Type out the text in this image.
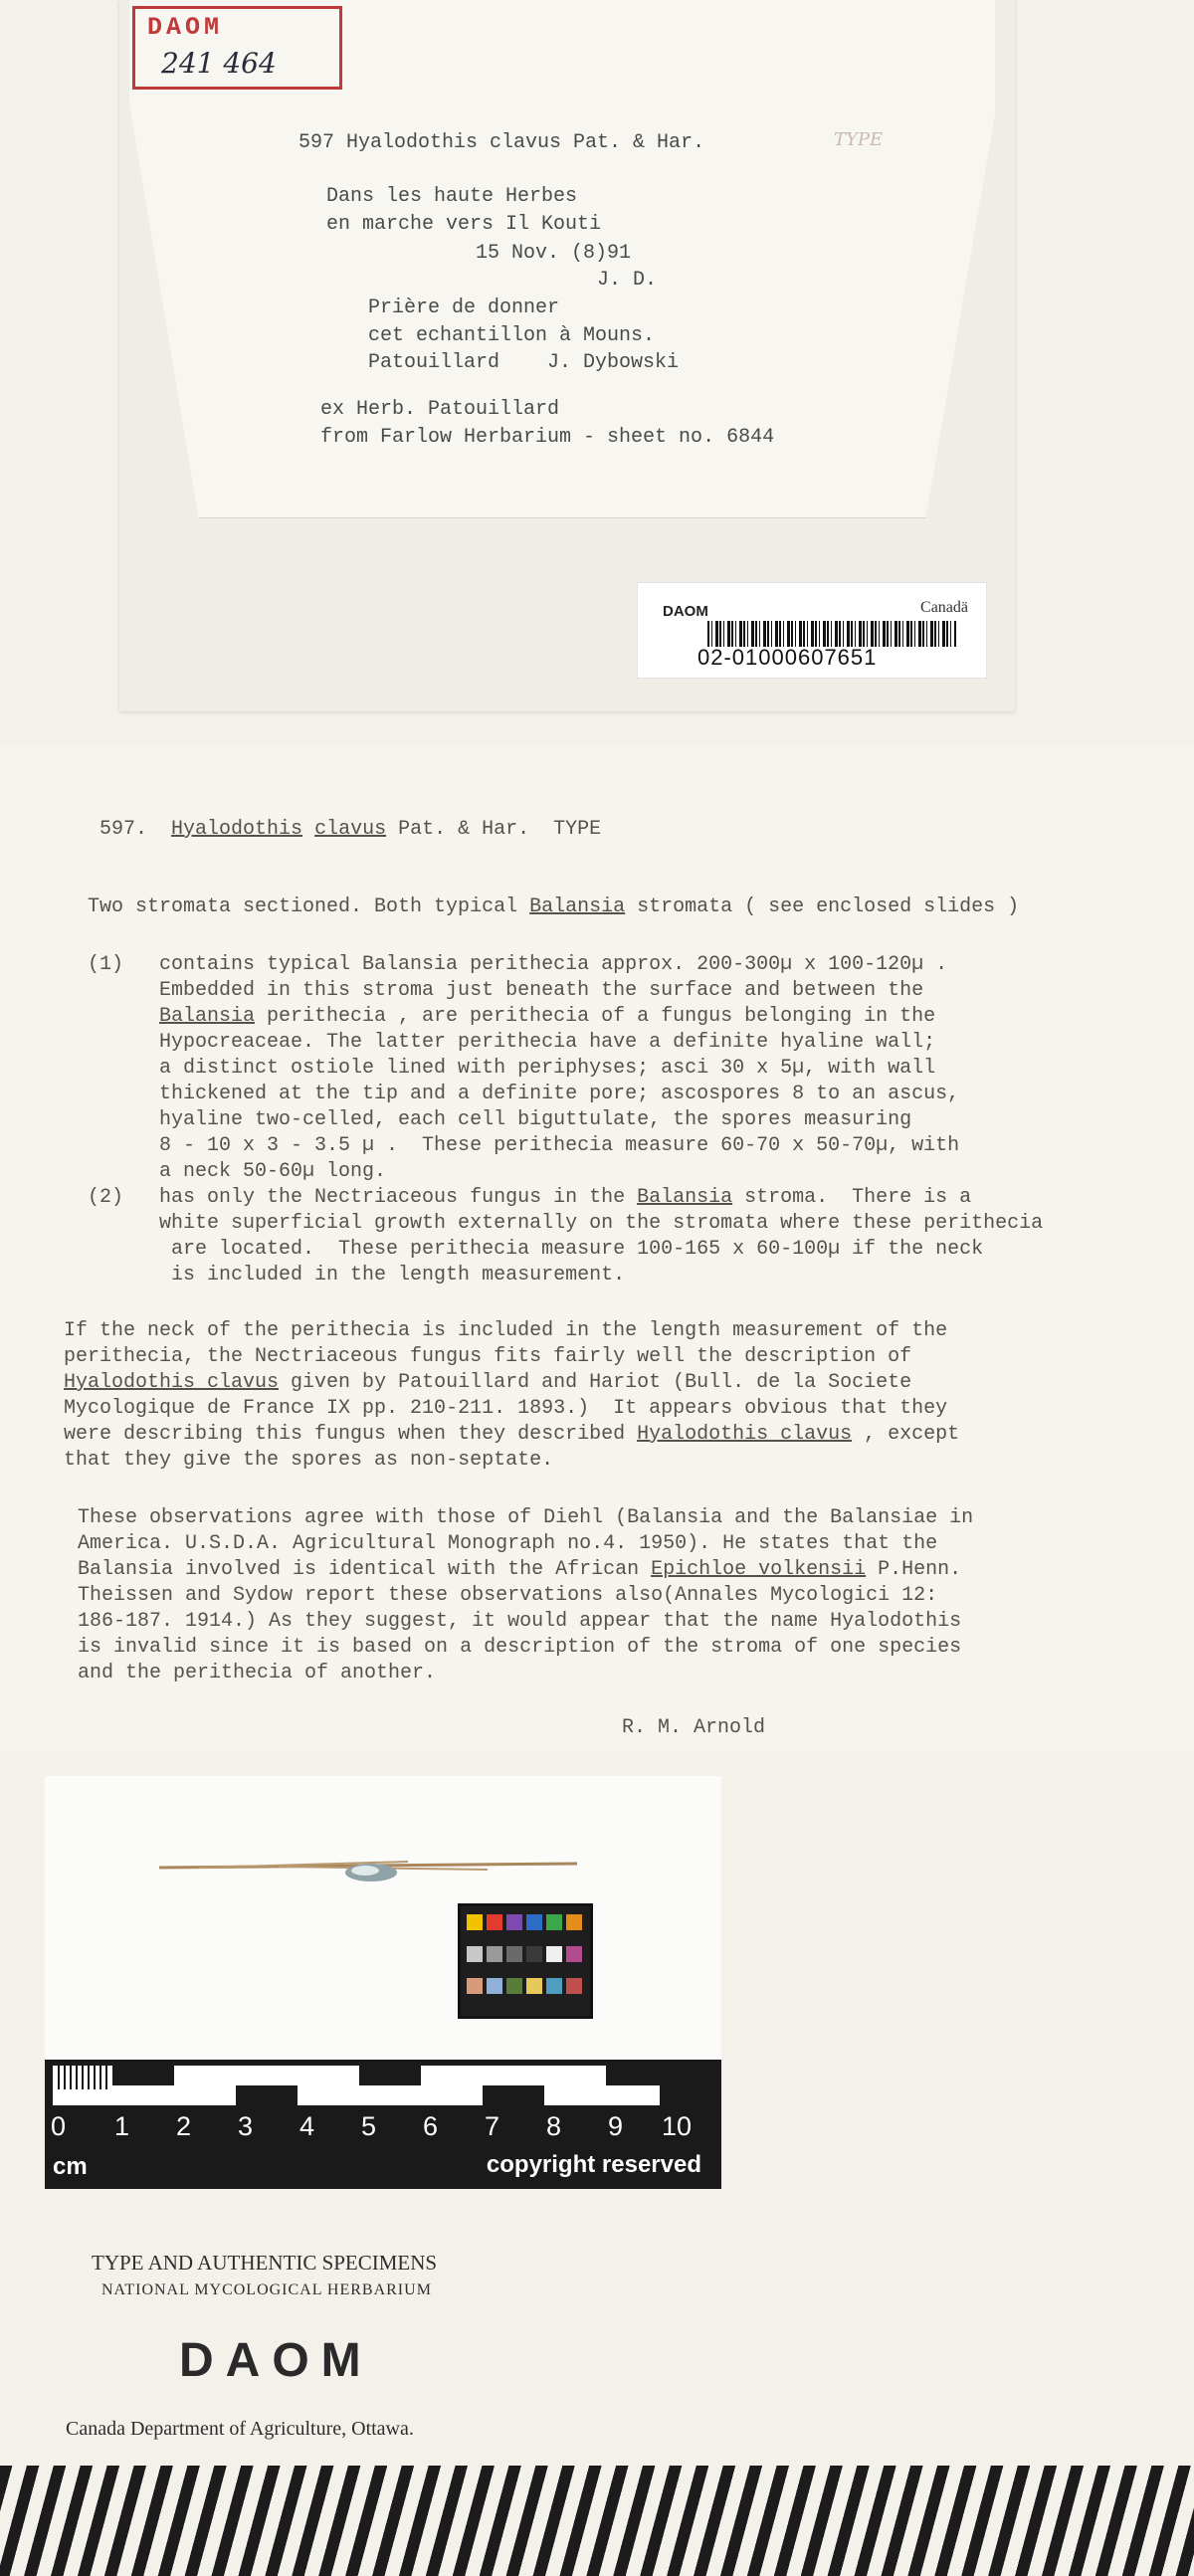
DAOM
241 464
597 Hyalodothis clavus Pat. & Har.	TYPE
Dans les haute Herbes
en marche vers Il Kouti
15 Nov. (8)91
J. D.
Prière de donner
cet echantillon à Mouns.
Patouillard    J. Dybowski
ex Herb. Patouillard
from Farlow Herbarium - sheet no. 6844
DAOM	Canadä
02-01000607651
597. Hyalodothis clavus Pat. & Har.  TYPE
Two stromata sectioned. Both typical Balansia stromata ( see enclosed slides )
(1)   contains typical Balansia perithecia approx. 200-300µ x 100-120µ .
Embedded in this stroma just beneath the surface and between the
Balansia perithecia , are perithecia of a fungus belonging in the
Hypocreaceae. The latter perithecia have a definite hyaline wall;
a distinct ostiole lined with periphyses; asci 30 x 5µ, with wall
thickened at the tip and a definite pore; ascospores 8 to an ascus,
hyaline two-celled, each cell biguttulate, the spores measuring
8 - 10 x 3 - 3.5 µ .  These perithecia measure 60-70 x 50-70µ, with
a neck 50-60µ long.
(2)   has only the Nectriaceous fungus in the Balansia stroma.  There is a
white superficial growth externally on the stromata where these perithecia
are located.  These perithecia measure 100-165 x 60-100µ if the neck
is included in the length measurement.
If the neck of the perithecia is included in the length measurement of the
perithecia, the Nectriaceous fungus fits fairly well the description of
Hyalodothis clavus given by Patouillard and Hariot (Bull. de la Societe
Mycologique de France IX pp. 210-211. 1893.)  It appears obvious that they
were describing this fungus when they described Hyalodothis clavus , except
that they give the spores as non-septate.
These observations agree with those of Diehl (Balansia and the Balansiae in
America. U.S.D.A. Agricultural Monograph no.4. 1950). He states that the
Balansia involved is identical with the African Epichloe volkensii P.Henn.
Theissen and Sydow report these observations also(Annales Mycologici 12:
186-187. 1914.) As they suggest, it would appear that the name Hyalodothis
is invalid since it is based on a description of the stroma of one species
and the perithecia of another.
R. M. Arnold
0 1 2 3 4 5 6 7 8 9 10
cm	copyright reserved
TYPE AND AUTHENTIC SPECIMENS
NATIONAL MYCOLOGICAL HERBARIUM
DAOM
Canada Department of Agriculture, Ottawa.
